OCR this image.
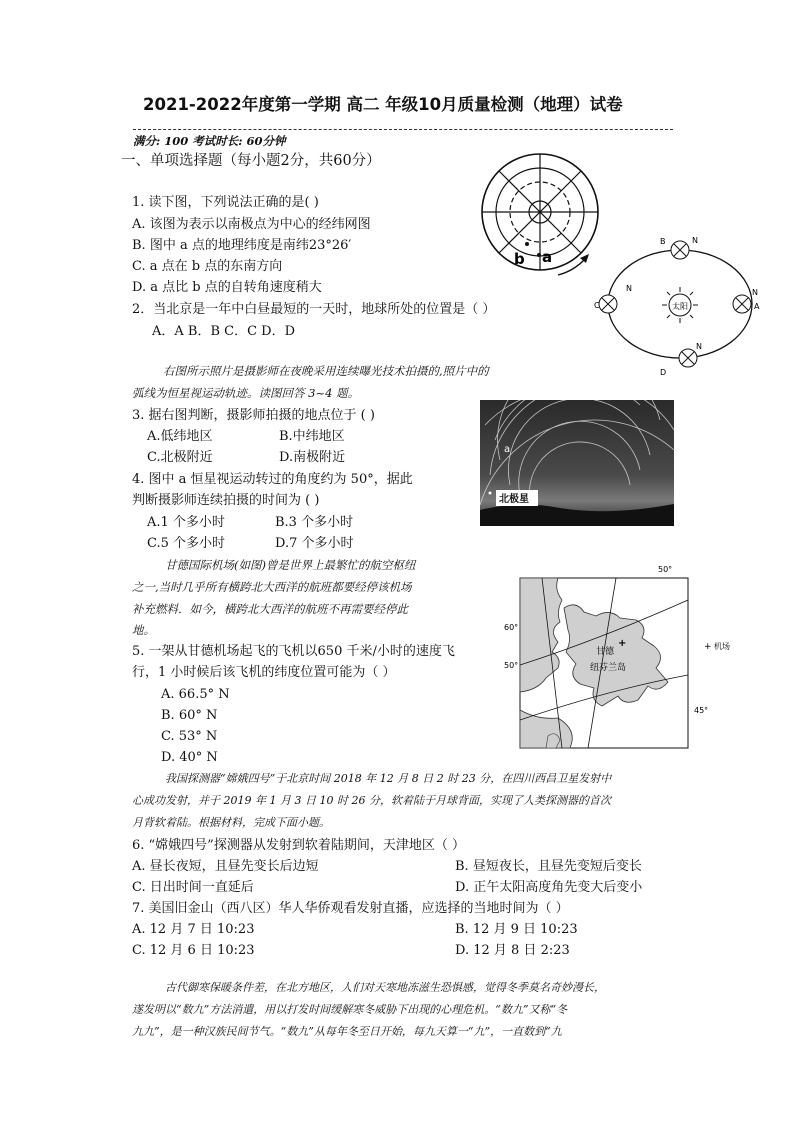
2021-2022年度第一学期 高二 年级10月质量检测（地理）试卷
满分: 100 考试时长: 60分钟
一、单项选择题（每小题2分，共60分）
1. 读下图，下列说法正确的是( )
A. 该图为表示以南极点为中心的经纬网图
B. 图中 a 点的地理纬度是南纬23°26′
C. a 点在 b 点的东南方向
D. a 点比 b 点的自转角速度稍大
2．当北京是一年中白昼最短的一天时，地球所处的位置是（ ）
A．A B．B C．C D．D
b a
太阳
B	N
C
N
A
N
D
N
右图所示照片是摄影师在夜晚采用连续曝光技术拍摄的,照片中的
弧线为恒星视运动轨迹。读图回答 3~4 题。
3. 据右图判断，摄影师拍摄的地点位于 ( )
A.低纬地区	B.中纬地区
C.北极附近	D.南极附近
a
北极星
4. 图中 a 恒星视运动转过的角度约为 50°，据此
判断摄影师连续拍摄的时间为 ( )
A.1 个多小时	B.3 个多小时
C.5 个多小时	D.7 个多小时
甘德国际机场(如图)曾是世界上最繁忙的航空枢纽
之一,当时几乎所有横跨北大西洋的航班都要经停该机场
补充燃料．如今，横跨北大西洋的航班不再需要经停此
地。
50°
60°
50°
45°
甘德
+
纽芬兰岛
+ 机场
5. 一架从甘德机场起飞的飞机以650 千米/小时的速度飞
行，1 小时候后该飞机的纬度位置可能为（ ）
A. 66.5° N
B. 60° N
C. 53° N
D. 40° N
我国探测器“嫦娥四号”于北京时间 2018 年 12 月 8 日 2 时 23 分，在四川西昌卫星发射中
心成功发射，并于 2019 年 1 月 3 日 10 时 26 分，软着陆于月球背面，实现了人类探测器的首次
月背软着陆。根据材料，完成下面小题。
6. “嫦娥四号”探测器从发射到软着陆期间，天津地区（ ）
A. 昼长夜短，且昼先变长后边短	B. 昼短夜长，且昼先变短后变长
C. 日出时间一直延后	D. 正午太阳高度角先变大后变小
7. 美国旧金山（西八区）华人华侨观看发射直播，应选择的当地时间为（ ）
A. 12 月 7 日 10:23	B. 12 月 9 日 10:23
C. 12 月 6 日 10:23	D. 12 月 8 日 2:23
古代御寒保暖条件差，在北方地区，人们对天寒地冻滋生恐惧感，觉得冬季莫名奇妙漫长，
遂发明以“数九”方法消遣，用以打发时间缓解寒冬威胁下出现的心理危机。“数九”又称“冬
九九”，是一种汉族民间节气。“数九”从每年冬至日开始，每九天算一“九”，一直数到“九
